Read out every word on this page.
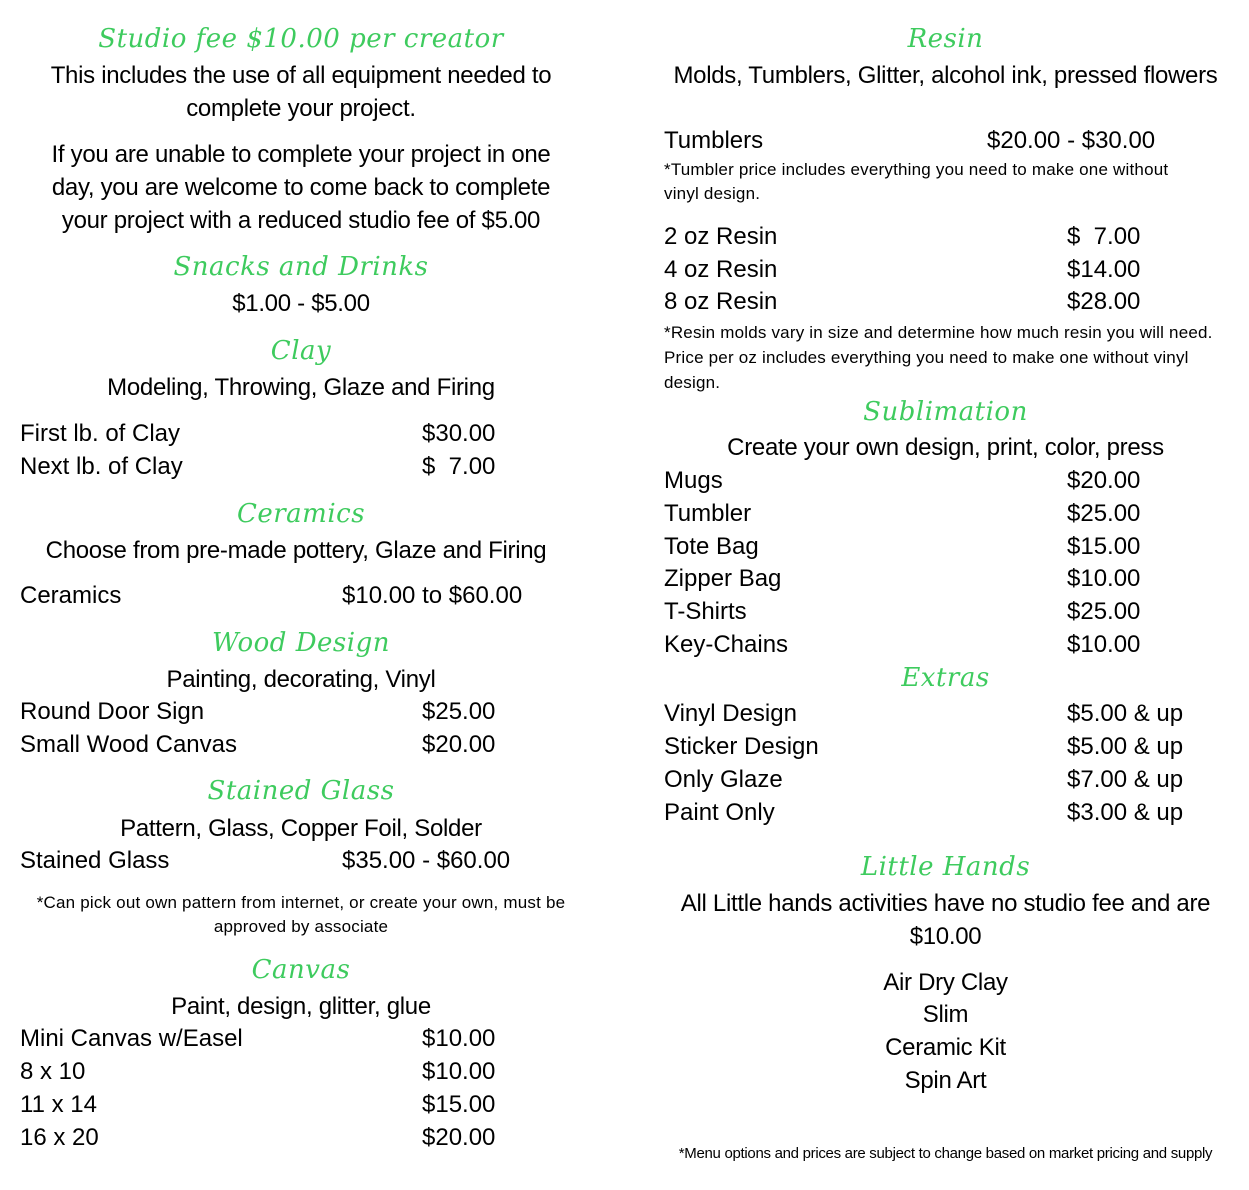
Studio fee $10.00 per creator
This includes the use of all equipment needed to complete your project.
If you are unable to complete your project in one day, you are welcome to come back to complete your project with a reduced studio fee of $5.00
Snacks and Drinks
$1.00 - $5.00
Clay
Modeling, Throwing, Glaze and Firing
First lb. of Clay	$30.00
Next lb. of Clay	$  7.00
Ceramics
Choose from pre-made pottery, Glaze and Firing
Ceramics	$10.00 to $60.00
Wood Design
Painting, decorating, Vinyl
Round Door Sign	$25.00
Small Wood Canvas	$20.00
Stained Glass
Pattern, Glass, Copper Foil, Solder
Stained Glass	$35.00 - $60.00
*Can pick out own pattern from internet, or create your own, must be approved by associate
Canvas
Paint, design, glitter, glue
Mini Canvas w/Easel	$10.00
8 x 10	$10.00
11 x 14	$15.00
16 x 20	$20.00
Resin
Molds, Tumblers, Glitter, alcohol ink, pressed flowers
Tumblers	$20.00 - $30.00
*Tumbler price includes everything you need to make one without vinyl design.
2 oz Resin	$  7.00
4 oz Resin	$14.00
8 oz Resin	$28.00
*Resin molds vary in size and determine how much resin you will need. Price per oz includes everything you need to make one without vinyl design.
Sublimation
Create your own design, print, color, press
Mugs	$20.00
Tumbler	$25.00
Tote Bag	$15.00
Zipper Bag	$10.00
T-Shirts	$25.00
Key-Chains	$10.00
Extras
Vinyl Design	$5.00 & up
Sticker Design	$5.00 & up
Only Glaze	$7.00 & up
Paint Only	$3.00 & up
Little Hands
All Little hands activities have no studio fee and are $10.00
Air Dry Clay
Slim
Ceramic Kit
Spin Art
*Menu options and prices are subject to change based on market pricing and supply
